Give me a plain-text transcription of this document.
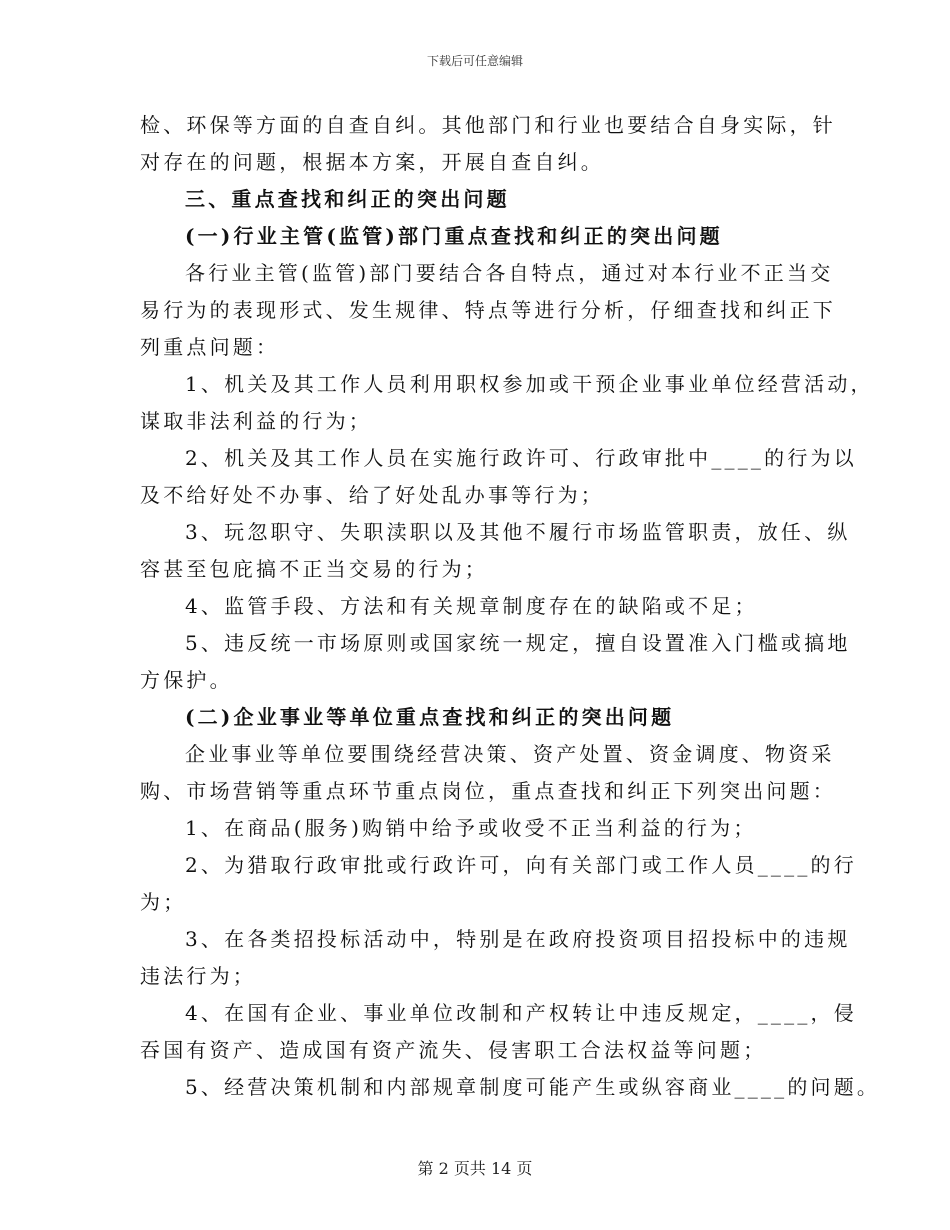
下载后可任意编辑
检、环保等方面的自查自纠。其他部门和行业也要结合自身实际，针
对存在的问题，根据本方案，开展自查自纠。
三、重点查找和纠正的突出问题
(一)行业主管(监管)部门重点查找和纠正的突出问题
各行业主管(监管)部门要结合各自特点，通过对本行业不正当交
易行为的表现形式、发生规律、特点等进行分析，仔细查找和纠正下
列重点问题：
1、机关及其工作人员利用职权参加或干预企业事业单位经营活动，
谋取非法利益的行为；
2、机关及其工作人员在实施行政许可、行政审批中____的行为以
及不给好处不办事、给了好处乱办事等行为；
3、玩忽职守、失职渎职以及其他不履行市场监管职责，放任、纵
容甚至包庇搞不正当交易的行为；
4、监管手段、方法和有关规章制度存在的缺陷或不足；
5、违反统一市场原则或国家统一规定，擅自设置准入门槛或搞地
方保护。
(二)企业事业等单位重点查找和纠正的突出问题
企业事业等单位要围绕经营决策、资产处置、资金调度、物资采
购、市场营销等重点环节重点岗位，重点查找和纠正下列突出问题：
1、在商品(服务)购销中给予或收受不正当利益的行为；
2、为猎取行政审批或行政许可，向有关部门或工作人员____的行
为；
3、在各类招投标活动中，特别是在政府投资项目招投标中的违规
违法行为；
4、在国有企业、事业单位改制和产权转让中违反规定，____，侵
吞国有资产、造成国有资产流失、侵害职工合法权益等问题；
5、经营决策机制和内部规章制度可能产生或纵容商业____的问题。
第 2 页共 14 页
